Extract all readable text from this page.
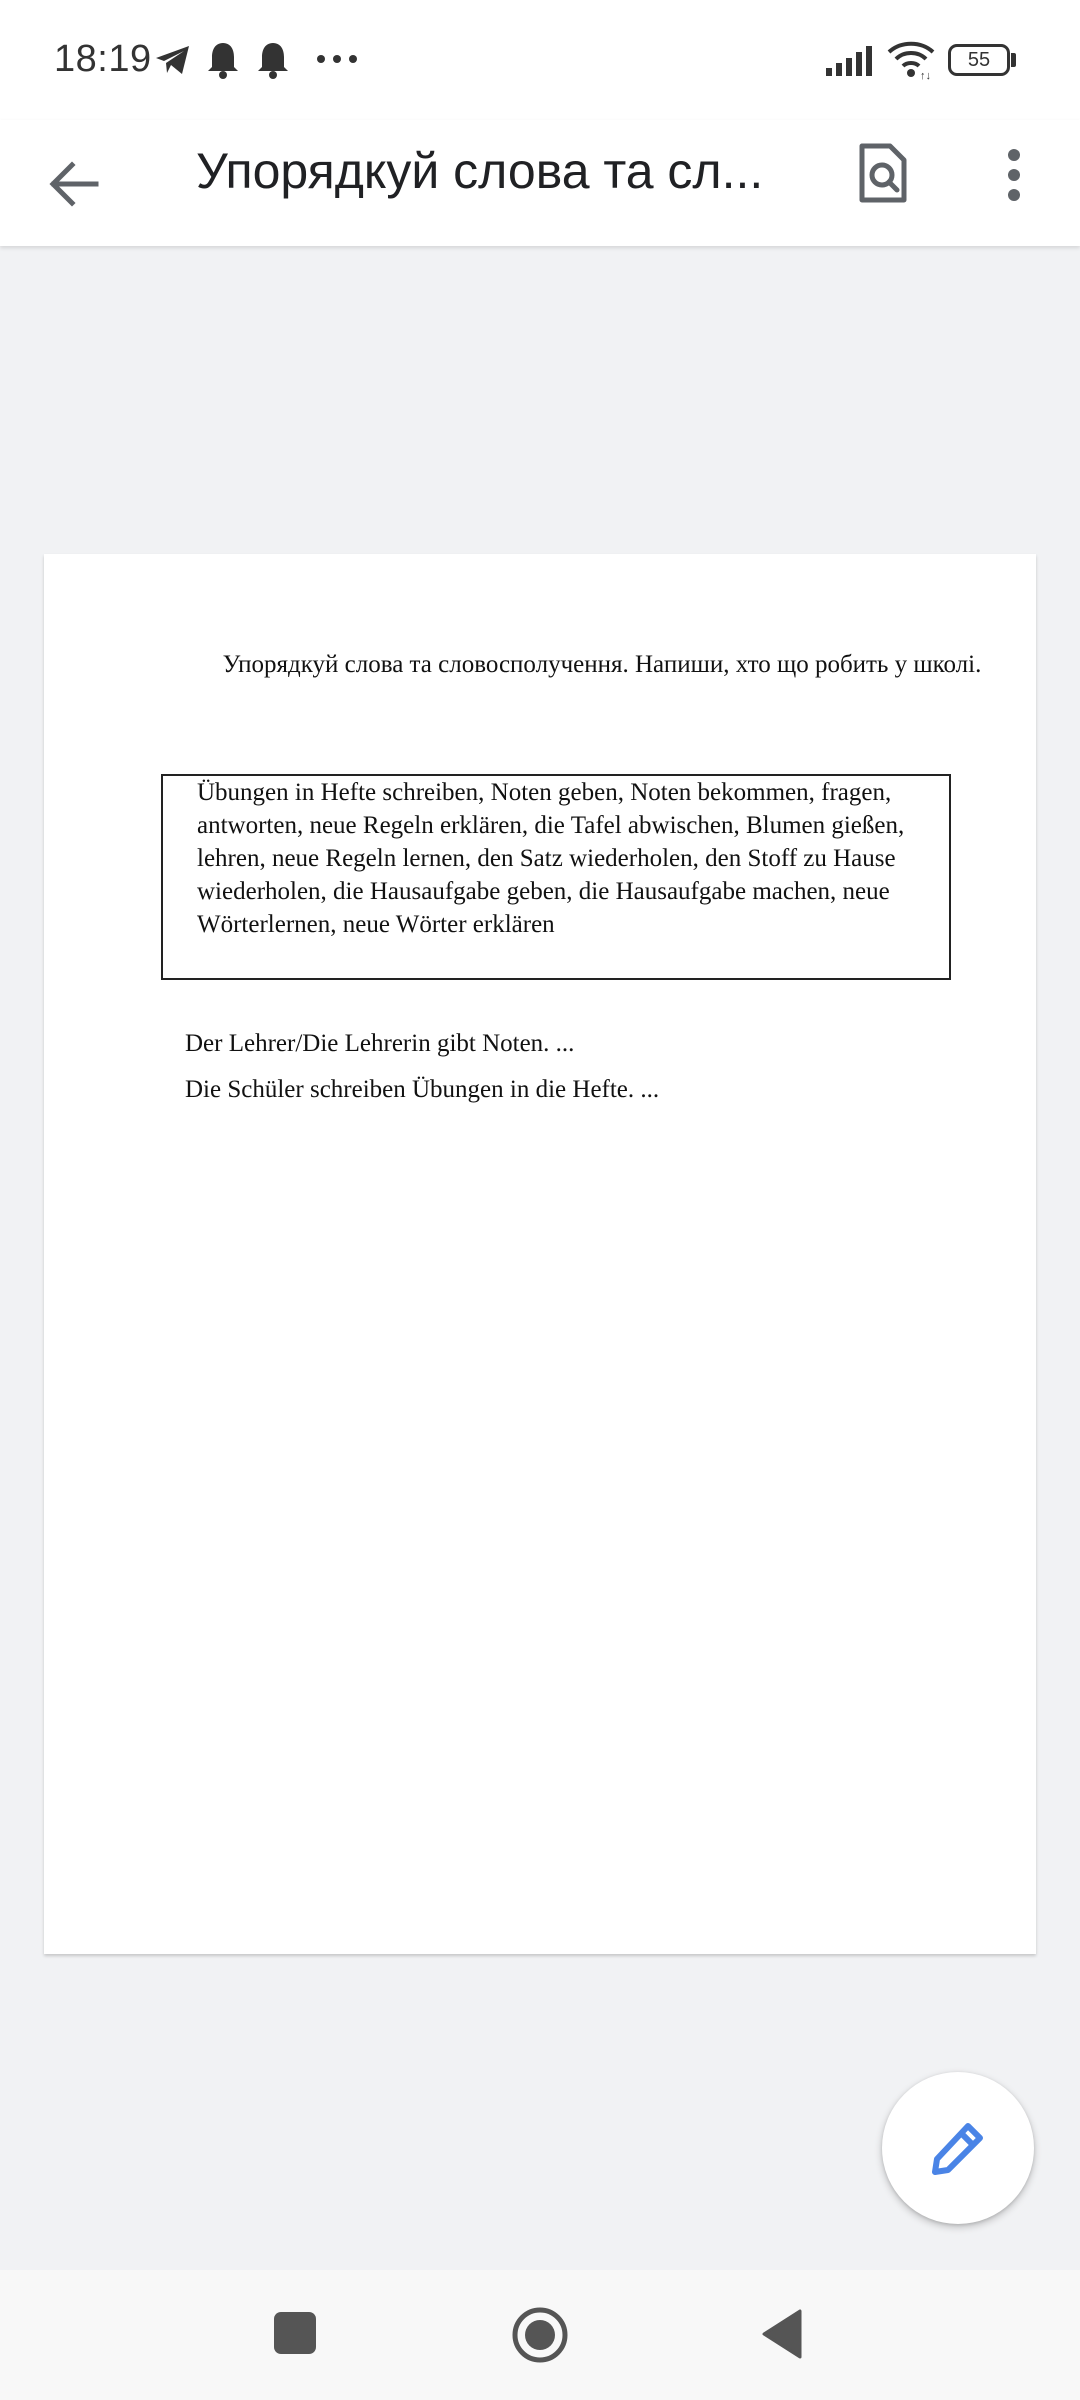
18:19	↑↓
55
Упорядкуй слова та сл...
Упорядкуй слова та словосполучення. Напиши, хто що робить у школі.
Übungen in Hefte schreiben, Noten geben, Noten bekommen, fragen, antworten, neue Regeln erklären, die Tafel abwischen, Blumen gießen, lehren, neue Regeln lernen, den Satz wiederholen, den Stoff zu Hause wiederholen, die Hausaufgabe geben, die Hausaufgabe machen, neue Wörterlernen, neue Wörter erklären
Der Lehrer/Die Lehrerin gibt Noten. ...
Die Schüler schreiben Übungen in die Hefte. ...
